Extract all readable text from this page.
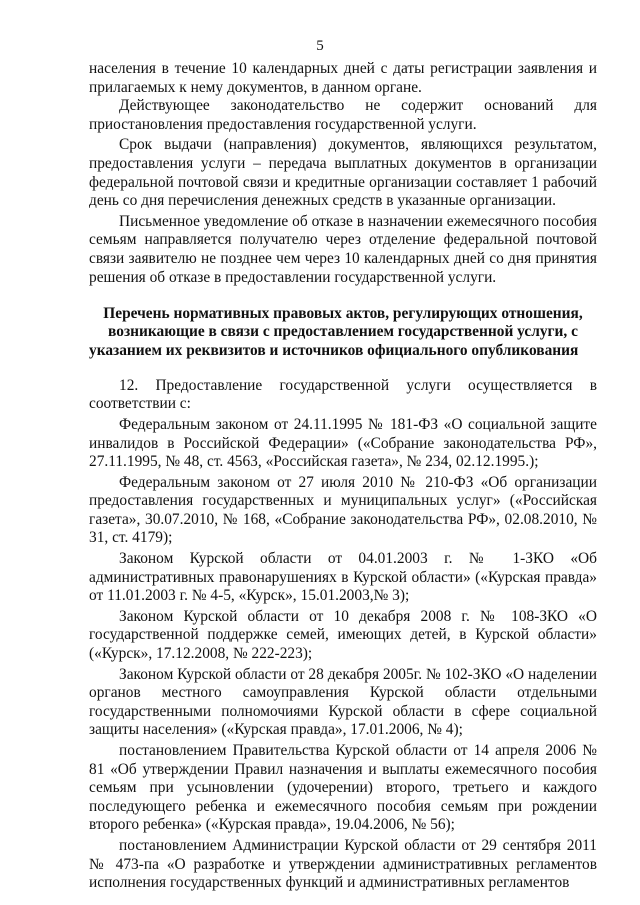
5

населения в течение 10 календарных дней с даты регистрации заявления и прилагаемых к нему документов, в данном органе.

Действующее законодательство не содержит оснований для приостановления предоставления государственной услуги.

Срок выдачи (направления) документов, являющихся результатом, предоставления услуги – передача выплатных документов в организации федеральной почтовой связи и кредитные организации составляет 1 рабочий день со дня перечисления денежных средств в указанные организации.

Письменное уведомление об отказе в назначении ежемесячного пособия семьям направляется получателю через отделение федеральной почтовой связи заявителю не позднее чем через 10 календарных дней со дня принятия решения об отказе в предоставлении государственной услуги.

Перечень нормативных правовых актов, регулирующих отношения, возникающие в связи с предоставлением государственной услуги, с указанием их реквизитов и источников официального опубликования

12. Предоставление государственной услуги осуществляется в соответствии с:

Федеральным законом от 24.11.1995 № 181-ФЗ «О социальной защите инвалидов в Российской Федерации» («Собрание законодательства РФ», 27.11.1995, № 48, ст. 4563, «Российская газета», № 234, 02.12.1995.);

Федеральным законом от 27 июля 2010 № 210-ФЗ «Об организации предоставления государственных и муниципальных услуг» («Российская газета», 30.07.2010, № 168, «Собрание законодательства РФ», 02.08.2010, № 31, ст. 4179);

Законом Курской области от 04.01.2003 г. № 1-ЗКО «Об административных правонарушениях в Курской области» («Курская правда» от 11.01.2003 г. № 4-5, «Курск», 15.01.2003,№ 3);

Законом Курской области от 10 декабря 2008 г. № 108-ЗКО «О государственной поддержке семей, имеющих детей, в Курской области» («Курск», 17.12.2008, № 222-223);

Законом Курской области от 28 декабря 2005г. № 102-ЗКО «О наделении органов местного самоуправления Курской области отдельными государственными полномочиями Курской области в сфере социальной защиты населения» («Курская правда», 17.01.2006, № 4);

постановлением Правительства Курской области от 14 апреля 2006 № 81 «Об утверждении Правил назначения и выплаты ежемесячного пособия семьям при усыновлении (удочерении) второго, третьего и каждого последующего ребенка и ежемесячного пособия семьям при рождении второго ребенка» («Курская правда», 19.04.2006, № 56);

постановлением Администрации Курской области от 29 сентября 2011 № 473-па «О разработке и утверждении административных регламентов исполнения государственных функций и административных регламентов
